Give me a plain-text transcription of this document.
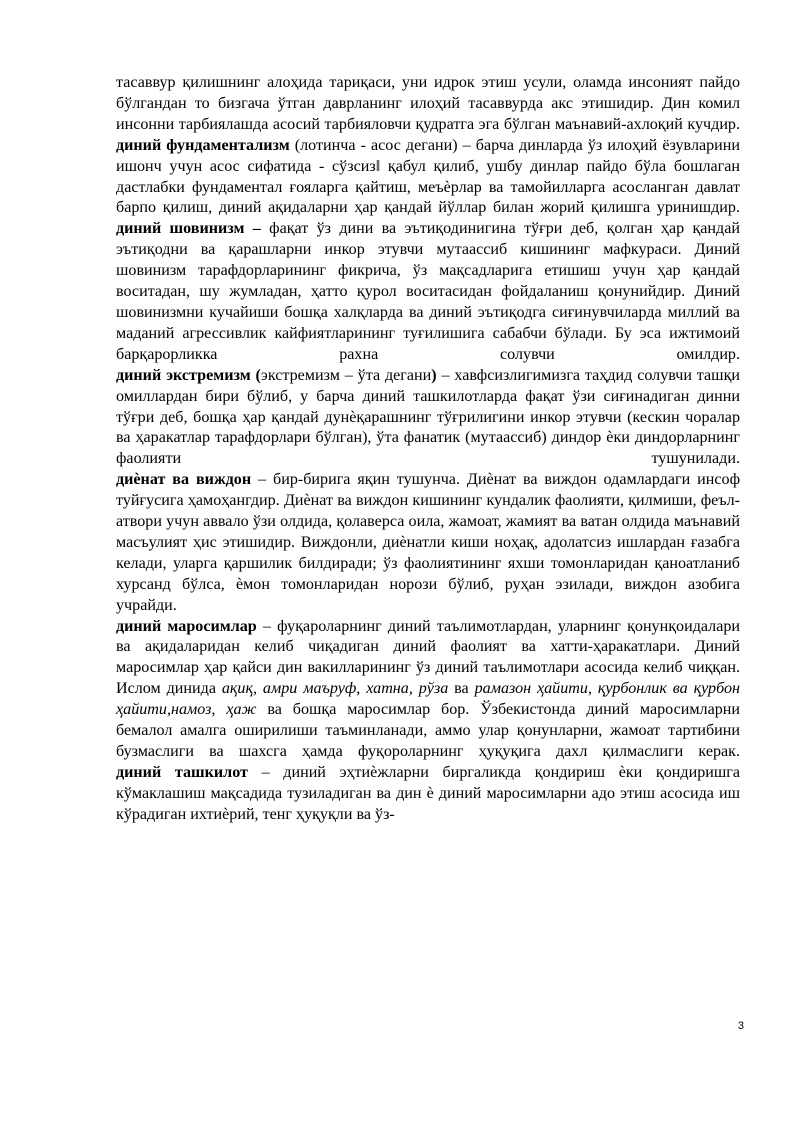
тасаввур қилишнинг алоҳида тариқаси, уни идрок этиш усули, оламда инсоният пайдо бўлгандан то бизгача ўтган даврланинг илоҳий тасаввурда акс этишидир. Дин комил инсонни тарбиялашда асосий тарбияловчи қудратга эга бўлган маънавий-ахлоқий кучдир.

диний фундаментализм (лотинча - асос дегани) – барча динларда ўз илоҳий ёзувларини ишонч учун асос сифатида - сўзсиз‖ қабул қилиб, ушбу динлар пайдо бўла бошлаган дастлабки фундаментал ғояларга қайтиш, меъѐрлар ва тамойилларга асосланган давлат барпо қилиш, диний ақидаларни ҳар қандай йўллар билан жорий қилишга уринишдир.

диний шовинизм – фақат ўз дини ва эътиқодинигина тўғри деб, қолган ҳар қандай эътиқодни ва қарашларни инкор этувчи мутаассиб кишининг мафкураси. Диний шовинизм тарафдорларининг фикрича, ўз мақсадларига етишиш учун ҳар қандай воситадан, шу жумладан, ҳатто қурол воситасидан фойдаланиш қонунийдир. Диний шовинизмни кучайиши бошқа халқларда ва диний эътиқодга сиғинувчиларда миллий ва маданий агрессивлик кайфиятларининг туғилишига сабабчи бўлади. Бу эса ижтимоий барқарорликка рахна солувчи омилдир.

диний экстремизм (экстремизм – ўта дегани) – хавфсизлигимизга таҳдид солувчи ташқи омиллардан бири бўлиб, у барча диний ташкилотларда фақат ўзи сиғинадиган динни тўғри деб, бошқа ҳар қандай дунѐқарашнинг тўғрилигини инкор этувчи (кескин чоралар ва ҳаракатлар тарафдорлари бўлган), ўта фанатик (мутаассиб) диндор ѐки диндорларнинг фаолияти тушунилади.

диѐнат ва виждон – бир-бирига яқин тушунча. Диѐнат ва виждон одамлардаги инсоф туйғусига ҳамоҳангдир. Диѐнат ва виждон кишининг кундалик фаолияти, қилмиши, феъл-атвори учун аввало ўзи олдида, қолаверса оила, жамоат, жамият ва ватан олдида маънавий масъулият ҳис этишидир. Виждонли, диѐнатли киши ноҳақ, адолатсиз ишлардан ғазабга келади, уларга қаршилик билдиради; ўз фаолиятининг яхши томонларидан қаноатланиб хурсанд бўлса, ѐмон томонларидан норози бўлиб, руҳан эзилади, виждон азобига учрайди.

диний маросимлар – фуқароларнинг диний таълимотлардан, уларнинг қонунқоидалари ва ақидаларидан келиб чиқадиган диний фаолият ва хатти-ҳаракатлари. Диний маросимлар ҳар қайси дин вакилларининг ўз диний таълимотлари асосида келиб чиққан. Ислом динида ақиқ, амри маъруф, хатна, рўза ва рамазон ҳайити, қурбонлик ва қурбон ҳайити,намоз, ҳаж ва бошқа маросимлар бор. Ўзбекистонда диний маросимларни бемалол амалга оширилиши таъминланади, аммо улар қонунларни, жамоат тартибини бузмаслиги ва шахсга ҳамда фуқороларнинг ҳуқуқига дахл қилмаслиги керак.

диний ташкилот – диний эҳтиѐжларни биргаликда қондириш ѐки қондиришга кўмаклашиш мақсадида тузиладиган ва дин ѐ диний маросимларни адо этиш асосида иш кўрадиган ихтиѐрий, тенг ҳуқуқли ва ўз-

3
